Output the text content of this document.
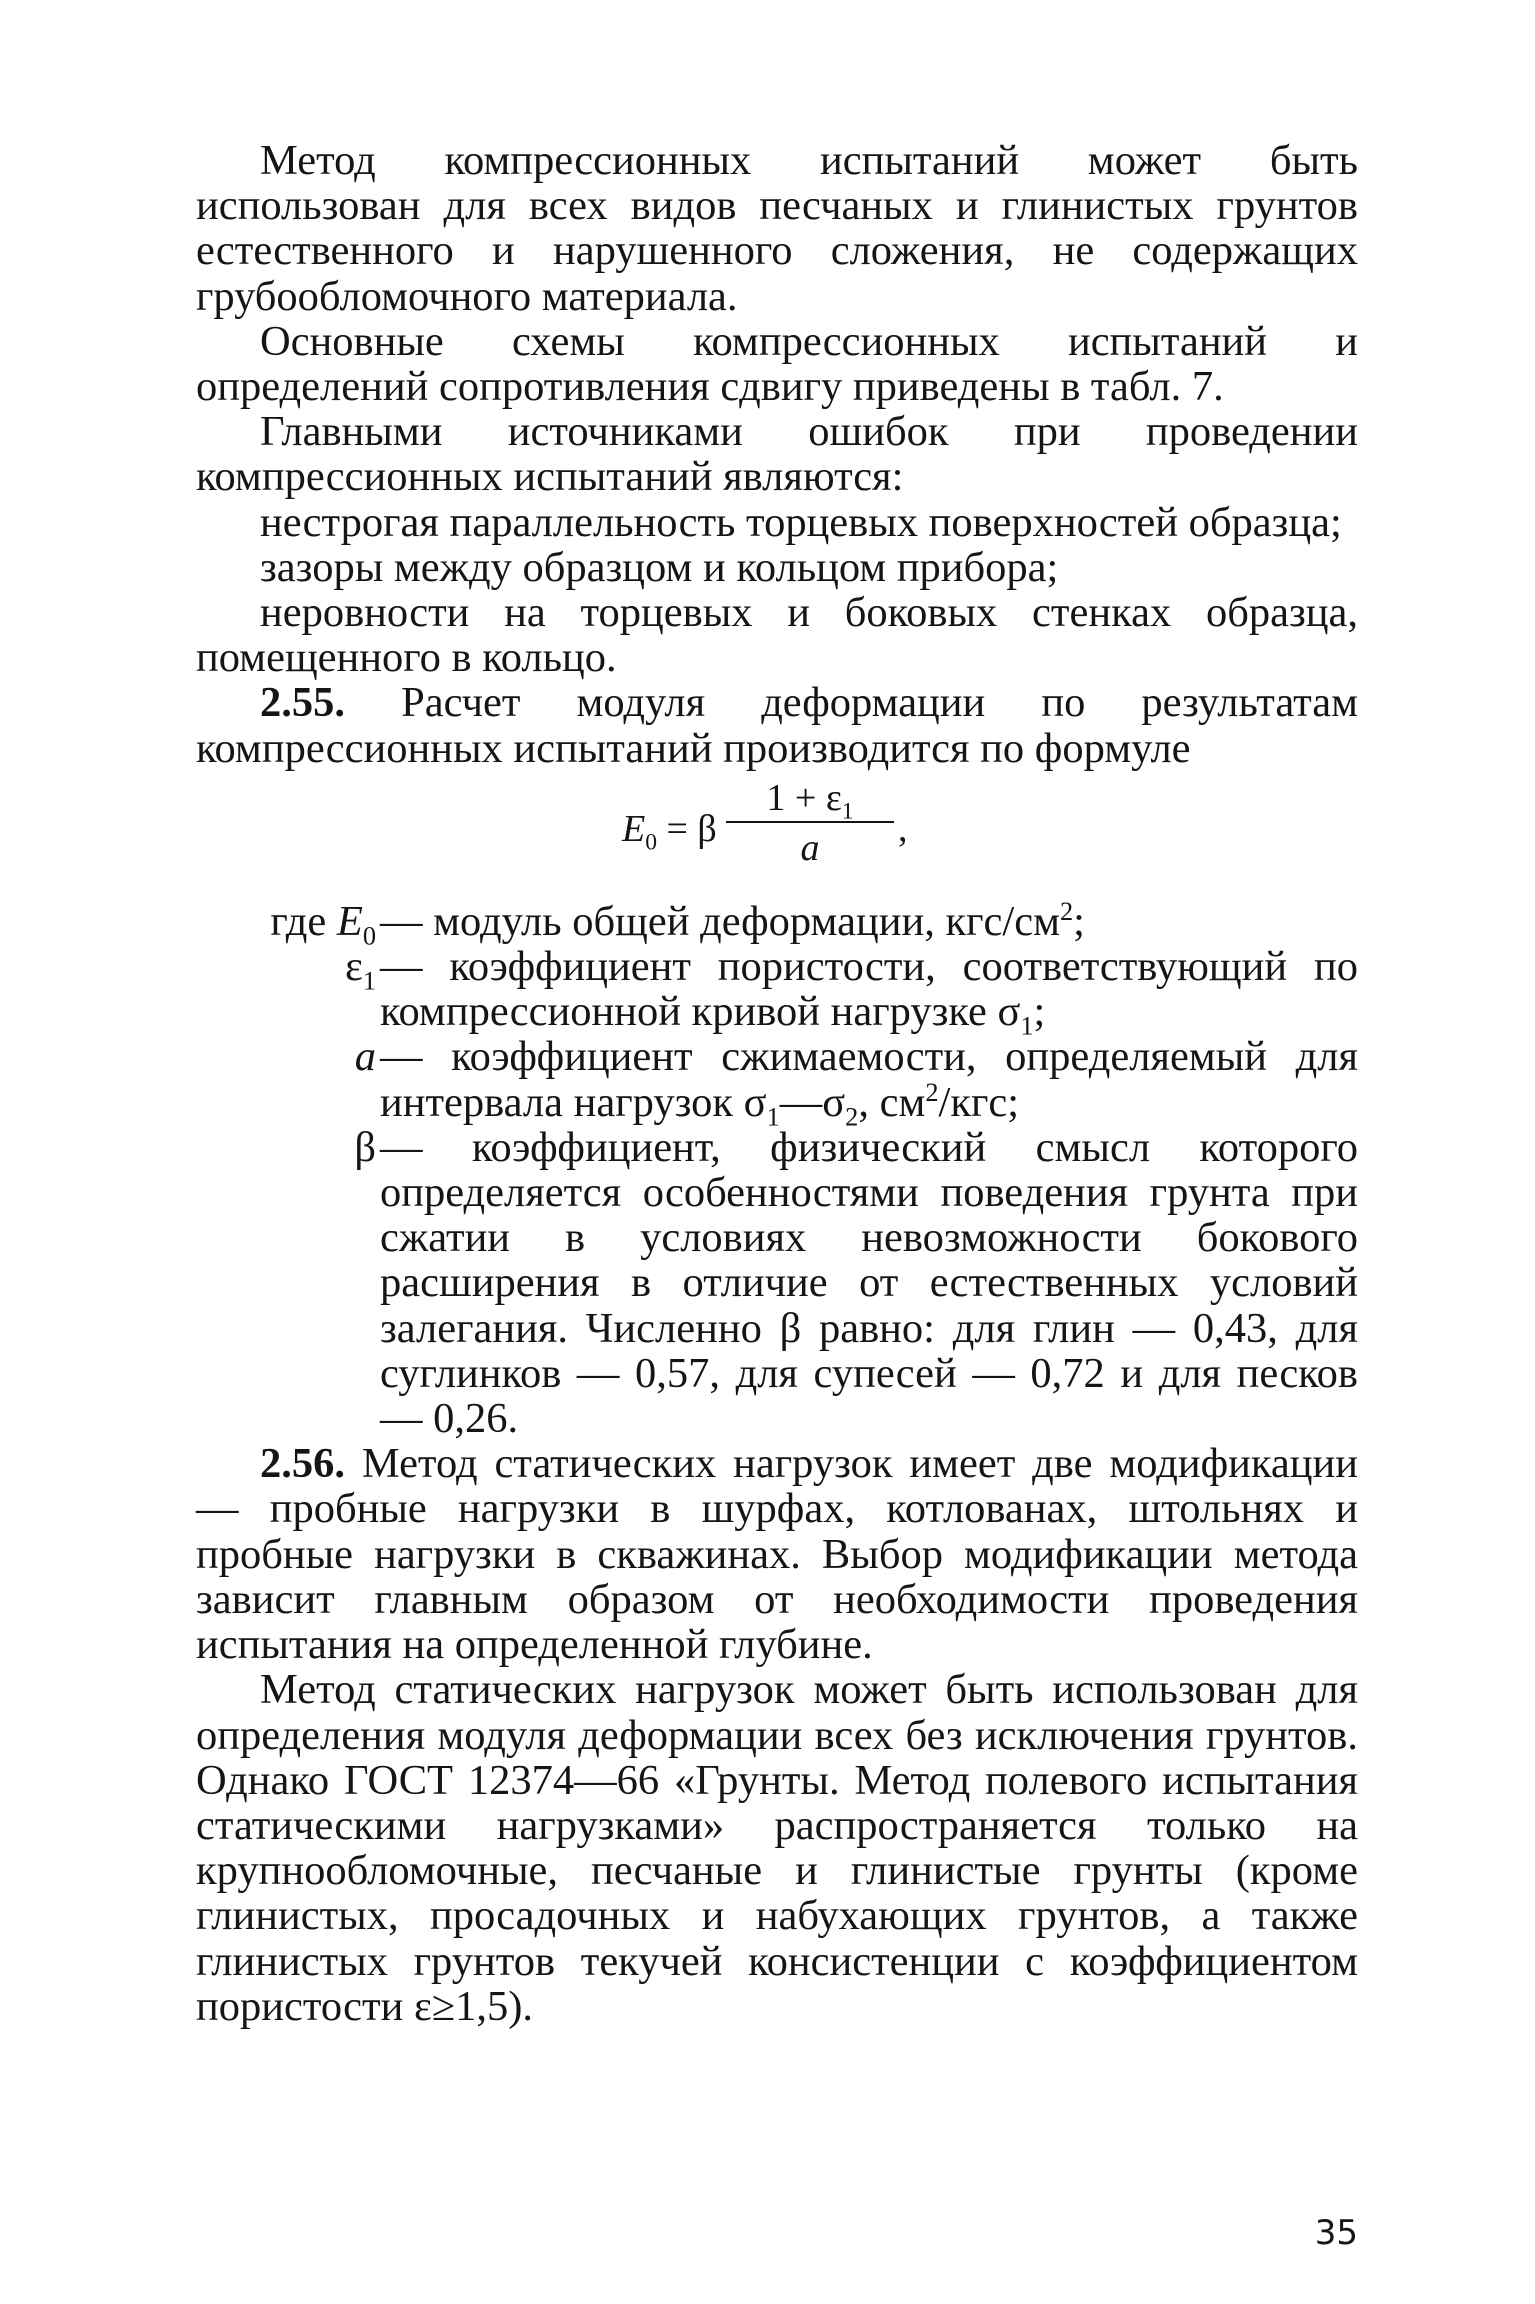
Метод компрессионных испытаний может быть использован для всех видов песчаных и глинистых грунтов естественного и нарушенного сложения, не содержащих грубообломочного материала.

Основные схемы компрессионных испытаний и определений сопротивления сдвигу приведены в табл. 7.

Главными источниками ошибок при проведении компрессионных испытаний являются:

нестрогая параллельность торцевых поверхностей образца;

зазоры между образцом и кольцом прибора;

неровности на торцевых и боковых стенках образца, помещенного в кольцо.

2.55. Расчет модуля деформации по результатам компрессионных испытаний производится по формуле

$E_0 = \beta$
$1 + \varepsilon_1$
a	,

где $E_0$ — модуль общей деформации, кгс/$см^2$;

$\varepsilon_1$ — коэффициент пористости, соответствующий по компрессионной кривой нагрузке $\sigma_1$;

a — коэффициент сжимаемости, определяемый для интервала нагрузок $\sigma_1—\sigma_2$, $см^2$/кгс;

β — коэффициент, физический смысл которого определяется особенностями поведения грунта при сжатии в условиях невозможности бокового расширения в отличие от естественных условий залегания. Численно β равно: для глин — 0,43, для суглинков — 0,57, для супесей — 0,72 и для песков — 0,26.

2.56. Метод статических нагрузок имеет две модификации — пробные нагрузки в шурфах, котлованах, штольнях и пробные нагрузки в скважинах. Выбор модификации метода зависит главным образом от необходимости проведения испытания на определенной глубине.

Метод статических нагрузок может быть использован для определения модуля деформации всех без исключения грунтов. Однако ГОСТ 12374—66 «Грунты. Метод полевого испытания статическими нагрузками» распространяется только на крупнообломочные, песчаные и глинистые грунты (кроме глинистых, просадочных и набухающих грунтов, а также глинистых грунтов текучей консистенции с коэффициентом пористости ε≥1,5).

35
